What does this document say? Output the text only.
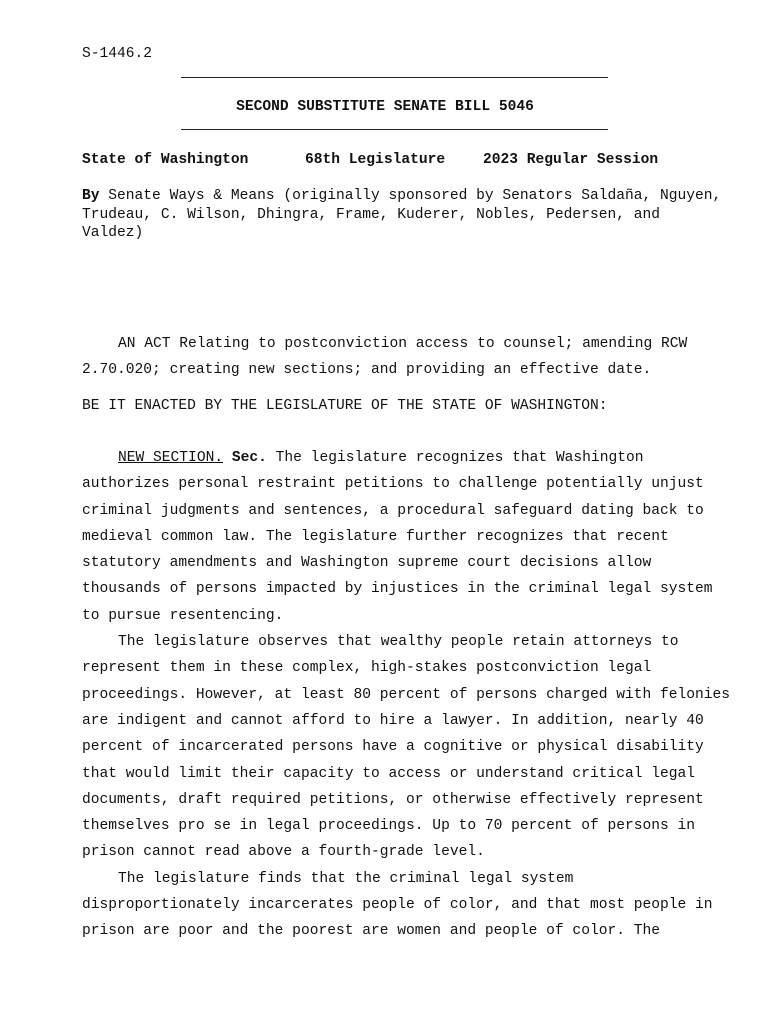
S-1446.2
SECOND SUBSTITUTE SENATE BILL 5046
State of Washington	68th Legislature	2023 Regular Session
By Senate Ways & Means (originally sponsored by Senators Saldaña, Nguyen, Trudeau, C. Wilson, Dhingra, Frame, Kuderer, Nobles, Pedersen, and Valdez)
AN ACT Relating to postconviction access to counsel; amending RCW 2.70.020; creating new sections; and providing an effective date.
BE IT ENACTED BY THE LEGISLATURE OF THE STATE OF WASHINGTON:

NEW SECTION. Sec. The legislature recognizes that Washington authorizes personal restraint petitions to challenge potentially unjust criminal judgments and sentences, a procedural safeguard dating back to medieval common law. The legislature further recognizes that recent statutory amendments and Washington supreme court decisions allow thousands of persons impacted by injustices in the criminal legal system to pursue resentencing.

The legislature observes that wealthy people retain attorneys to represent them in these complex, high-stakes postconviction legal proceedings. However, at least 80 percent of persons charged with felonies are indigent and cannot afford to hire a lawyer. In addition, nearly 40 percent of incarcerated persons have a cognitive or physical disability that would limit their capacity to access or understand critical legal documents, draft required petitions, or otherwise effectively represent themselves pro se in legal proceedings. Up to 70 percent of persons in prison cannot read above a fourth-grade level.

The legislature finds that the criminal legal system disproportionately incarcerates people of color, and that most people in prison are poor and the poorest are women and people of color. The
